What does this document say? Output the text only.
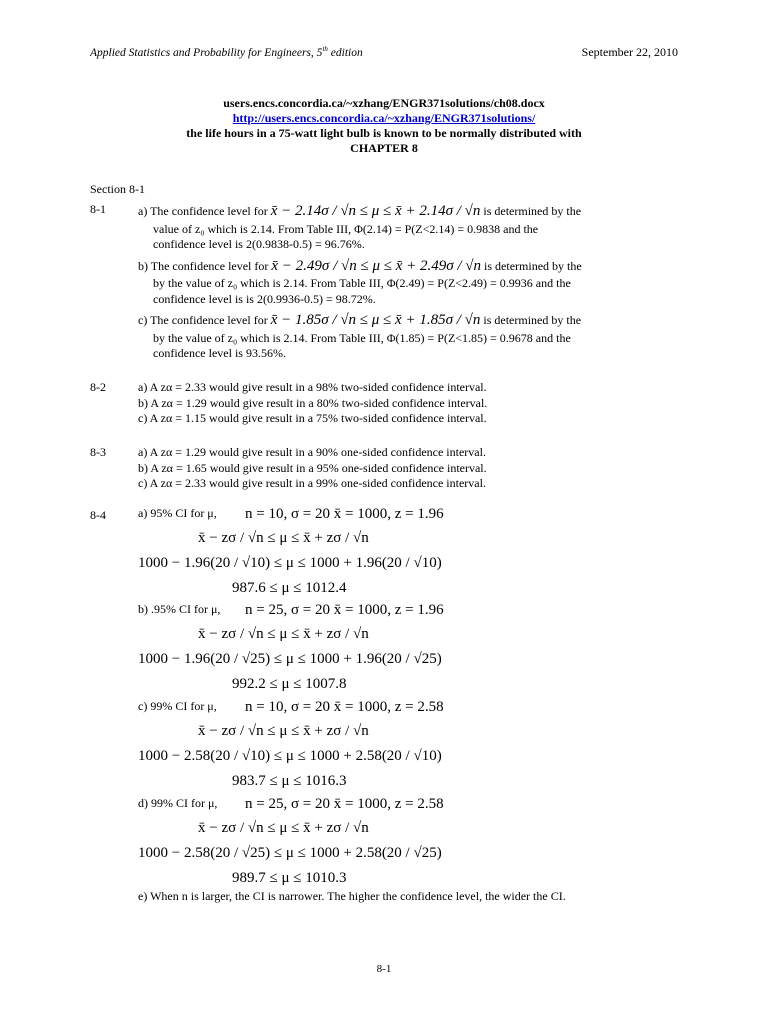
Applied Statistics and Probability for Engineers, 5th edition	September 22, 2010
users.encs.concordia.ca/~xzhang/ENGR371solutions/ch08.docx
http://users.encs.concordia.ca/~xzhang/ENGR371solutions/
the life hours in a 75-watt light bulb is known to be normally distributed with
CHAPTER 8
Section 8-1
8-1	a) The confidence level for x̄ − 2.14σ / √n ≤ μ ≤ x̄ + 2.14σ / √n is determined by the
value of z₀ which is 2.14. From Table III, Φ(2.14) = P(Z<2.14) = 0.9838 and the
confidence level is 2(0.9838-0.5) = 96.76%.
b) The confidence level for x̄ − 2.49σ / √n ≤ μ ≤ x̄ + 2.49σ / √n is determined by the
by the value of z₀ which is 2.14. From Table III, Φ(2.49) = P(Z<2.49) = 0.9936 and the
confidence level is is 2(0.9936-0.5) = 98.72%.
c) The confidence level for x̄ − 1.85σ / √n ≤ μ ≤ x̄ + 1.85σ / √n is determined by the
by the value of z₀ which is 2.14. From Table III, Φ(1.85) = P(Z<1.85) = 0.9678 and the
confidence level is 93.56%.
8-2	a) A zα = 2.33 would give result in a 98% two-sided confidence interval.
b) A zα = 1.29 would give result in a 80% two-sided confidence interval.
c) A zα = 1.15 would give result in a 75% two-sided confidence interval.
8-3	a) A zα = 1.29 would give result in a 90% one-sided confidence interval.
b) A zα = 1.65 would give result in a 95% one-sided confidence interval.
c) A zα = 2.33 would give result in a 99% one-sided confidence interval.
8-4	a) 95% CI for μ, n = 10, σ = 20 x̄ = 1000, z = 1.96
x̄ − zσ / √n ≤ μ ≤ x̄ + zσ / √n
1000 − 1.96(20 / √10) ≤ μ ≤ 1000 + 1.96(20 / √10)
987.6 ≤ μ ≤ 1012.4
b) .95% CI for μ, n = 25, σ = 20 x̄ = 1000, z = 1.96
x̄ − zσ / √n ≤ μ ≤ x̄ + zσ / √n
1000 − 1.96(20 / √25) ≤ μ ≤ 1000 + 1.96(20 / √25)
992.2 ≤ μ ≤ 1007.8
c) 99% CI for μ, n = 10, σ = 20 x̄ = 1000, z = 2.58
x̄ − zσ / √n ≤ μ ≤ x̄ + zσ / √n
1000 − 2.58(20 / √10) ≤ μ ≤ 1000 + 2.58(20 / √10)
983.7 ≤ μ ≤ 1016.3
d) 99% CI for μ, n = 25, σ = 20 x̄ = 1000, z = 2.58
x̄ − zσ / √n ≤ μ ≤ x̄ + zσ / √n
1000 − 2.58(20 / √25) ≤ μ ≤ 1000 + 2.58(20 / √25)
989.7 ≤ μ ≤ 1010.3
e) When n is larger, the CI is narrower. The higher the confidence level, the wider the CI.
8-1
